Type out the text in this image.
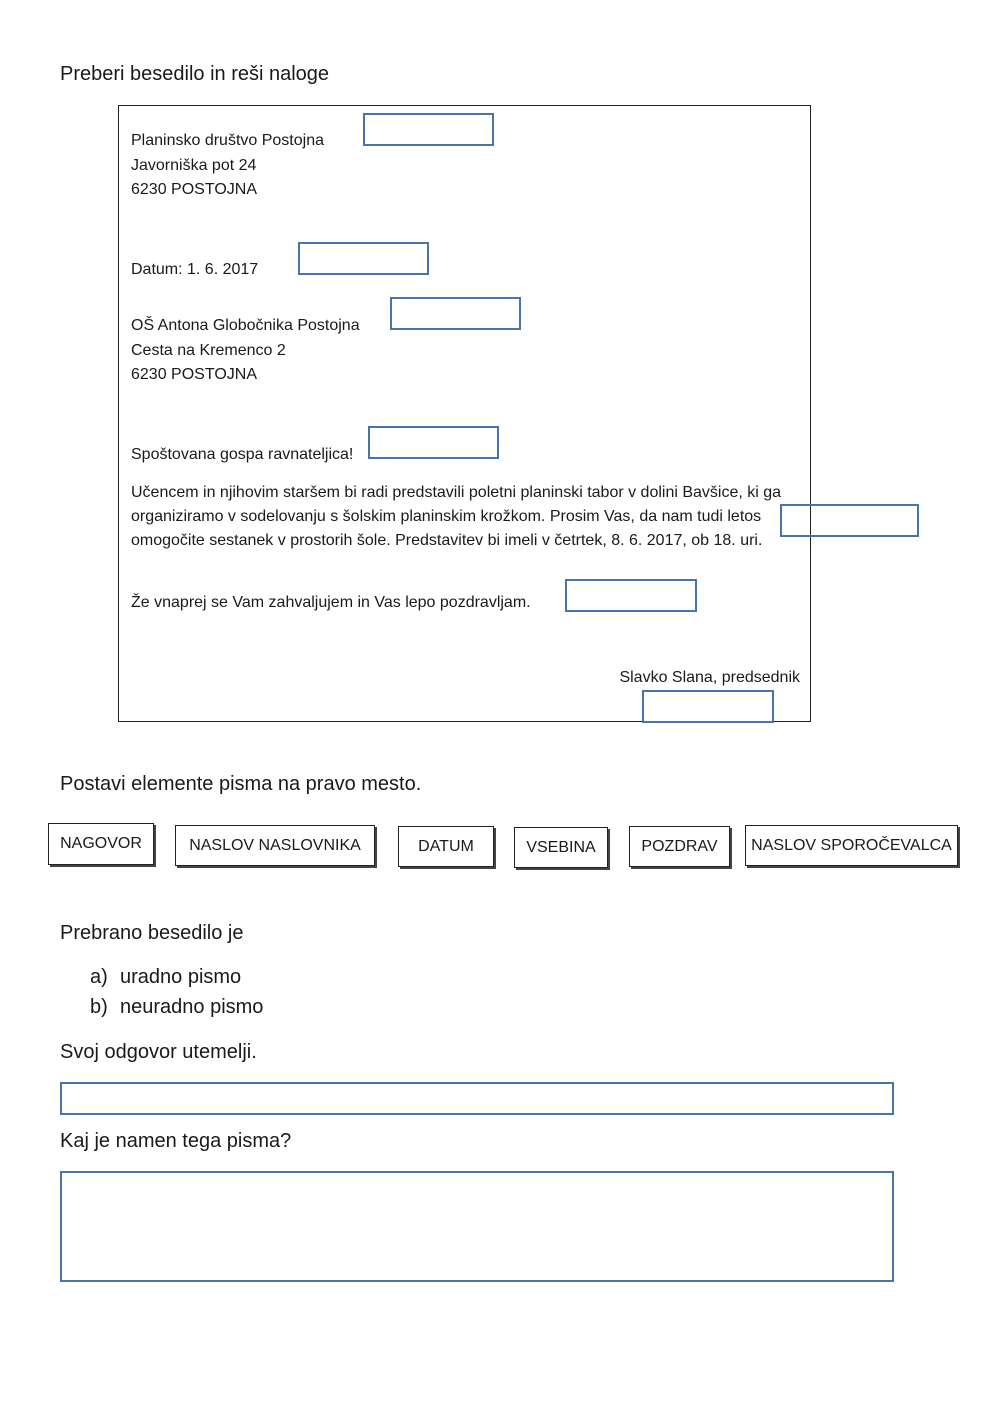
Preberi besedilo in reši naloge
Planinsko društvo Postojna
Javorniška pot 24
6230 POSTOJNA
Datum: 1. 6. 2017
OŠ Antona Globočnika Postojna
Cesta na Kremenco 2
6230 POSTOJNA
Spoštovana gospa ravnateljica!
Učencem in njihovim staršem bi radi predstavili poletni planinski tabor v dolini Bavšice, ki ga organiziramo v sodelovanju s šolskim planinskim krožkom. Prosim Vas, da nam tudi letos omogočite sestanek v prostorih šole. Predstavitev bi imeli v četrtek, 8. 6. 2017, ob 18. uri.
Že vnaprej se Vam zahvaljujem in Vas lepo pozdravljam.
Slavko Slana, predsednik
Postavi elemente pisma na pravo mesto.
NAGOVOR	NASLOV NASLOVNIKA	DATUM	VSEBINA	POZDRAV	NASLOV SPOROČEVALCA
Prebrano besedilo je
a) uradno pismo
b) neuradno pismo
Svoj odgovor utemelji.
Kaj je namen tega pisma?
